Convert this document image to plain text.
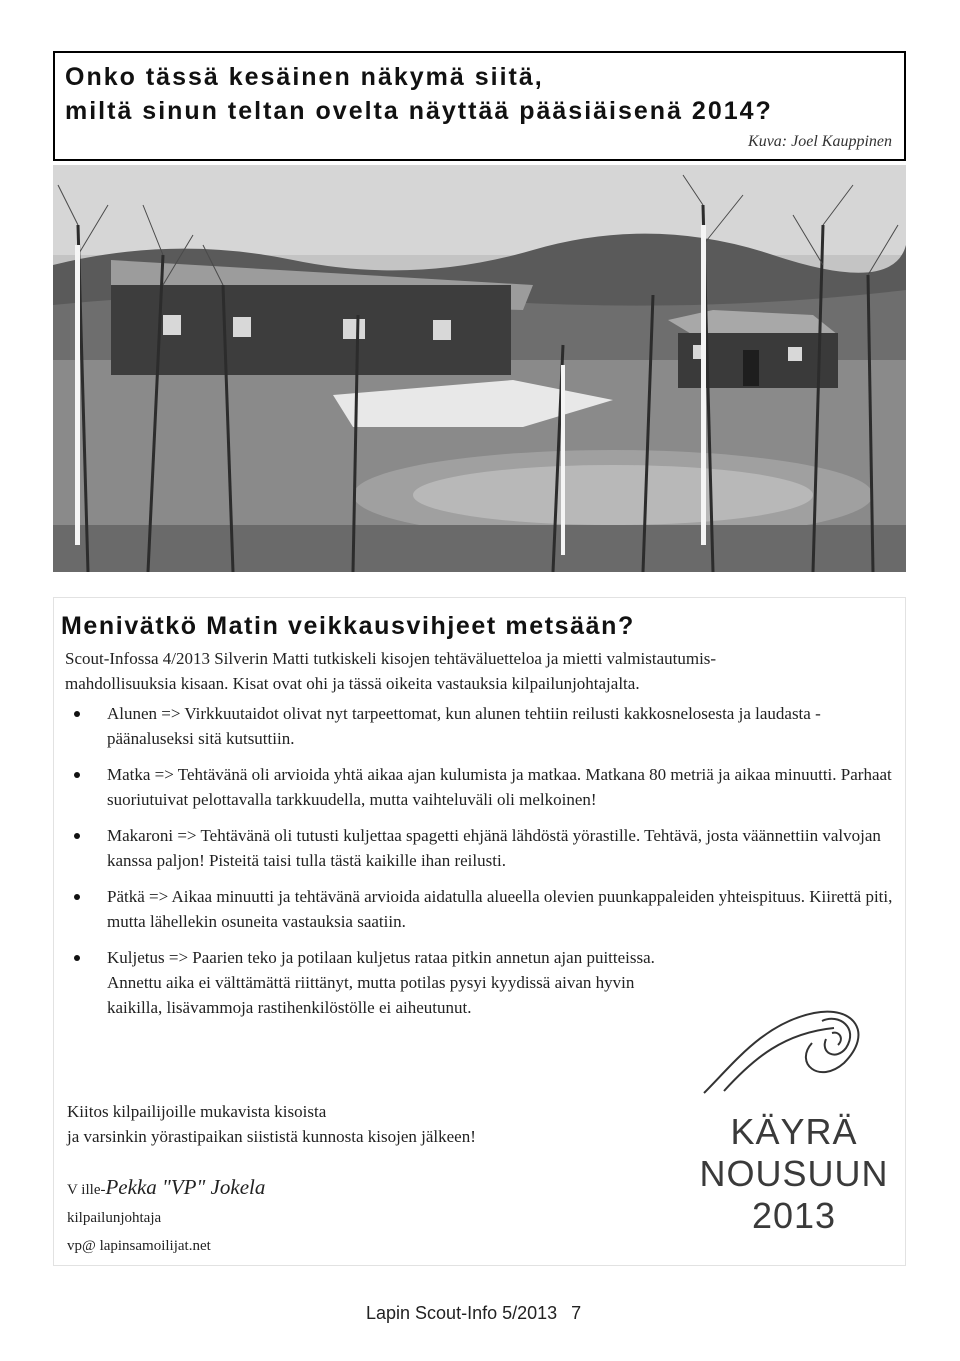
Onko tässä kesäinen näkymä siitä,
miltä sinun teltan ovelta näyttää pääsiäisenä 2014?
Kuva: Joel Kauppinen
Menivätkö Matin veikkausvihjeet metsään?
Scout-Infossa 4/2013 Silverin Matti tutkiskeli kisojen tehtäväluetteloa ja mietti valmistautumis-
mahdollisuuksia kisaan. Kisat ovat ohi ja tässä oikeita vastauksia kilpailunjohtajalta.
Alunen => Virkkuutaidot olivat nyt tarpeettomat, kun alunen tehtiin reilusti kakkosnelosesta ja laudasta - päänaluseksi sitä kutsuttiin.
Matka => Tehtävänä oli arvioida yhtä aikaa ajan kulumista ja matkaa. Matkana 80 metriä ja aikaa minuutti. Parhaat suoriutuivat pelottavalla tarkkuudella, mutta vaihteluväli oli melkoinen!
Makaroni => Tehtävänä oli tutusti kuljettaa spagetti ehjänä lähdöstä yörastille. Tehtävä, josta väännettiin valvojan kanssa paljon! Pisteitä taisi tulla tästä kaikille ihan reilusti.
Pätkä => Aikaa minuutti ja tehtävänä arvioida aidatulla alueella olevien puunkappaleiden yhteispituus. Kiirettä piti, mutta lähellekin osuneita vastauksia saatiin.
Kuljetus => Paarien teko ja potilaan kuljetus rataa pitkin annetun ajan puitteissa. Annettu aika ei välttämättä riittänyt, mutta potilas pysyi kyydissä aivan hyvin kaikilla, lisävammoja rastihenkilöstölle ei aiheutunut.
Kiitos kilpailijoille mukavista kisoista
ja varsinkin yörastipaikan siististä kunnosta kisojen jälkeen!
V ille-Pekka "VP" Jokela
kilpailunjohtaja
vp@ lapinsamoilijat.net
KÄYRÄ
NOUSUUN
2013
Lapin Scout-Info 5/2013 7
